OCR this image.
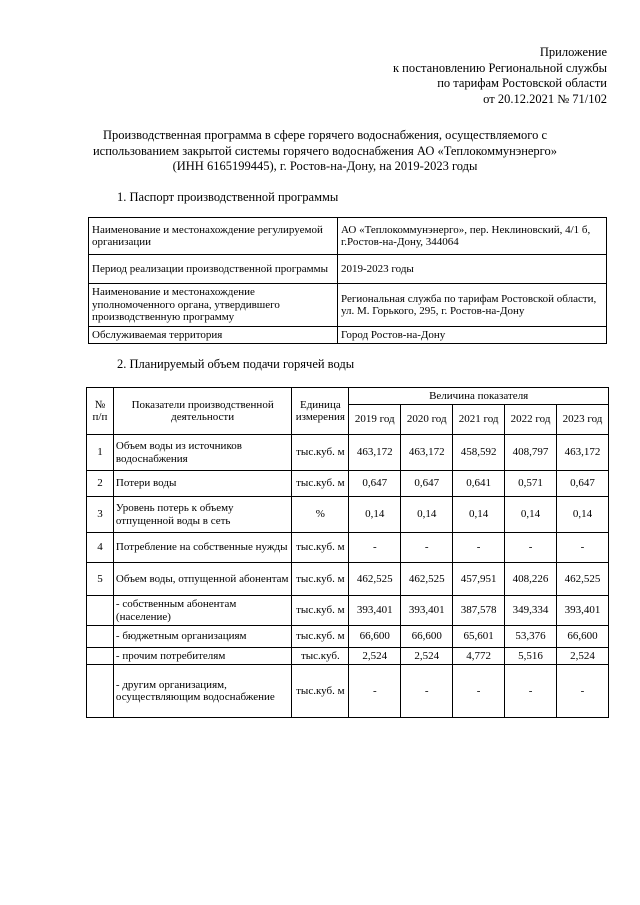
Приложение
к постановлению Региональной службы
по тарифам Ростовской области
от 20.12.2021 № 71/102
Производственная программа в сфере горячего водоснабжения, осуществляемого с
использованием закрытой системы горячего водоснабжения АО «Теплокоммунэнерго»
(ИНН 6165199445), г. Ростов-на-Дону, на 2019-2023 годы
1. Паспорт производственной программы
Наименование и местонахождение регулируемой организации	АО «Теплокоммунэнерго», пер. Неклиновский, 4/1 б, г.Ростов-на-Дону, 344064
Период реализации производственной программы	2019-2023 годы
Наименование и местонахождение уполномоченного органа, утвердившего производственную программу	Региональная служба по тарифам Ростовской области, ул. М. Горького, 295, г. Ростов-на-Дону
Обслуживаемая территория	Город Ростов-на-Дону
2. Планируемый объем подачи горячей воды
№ п/п	Показатели производственной деятельности	Единица измерения	Величина показателя				
			2019 год	2020 год	2021 год	2022 год	2023 год
1	Объем воды из источников водоснабжения	тыс.куб. м	463,172	463,172	458,592	408,797	463,172
2	Потери воды	тыс.куб. м	0,647	0,647	0,641	0,571	0,647
3	Уровень потерь к объему отпущенной воды в сеть	%	0,14	0,14	0,14	0,14	0,14
4	Потребление на собственные нужды	тыс.куб. м	-	-	-	-	-
5	Объем воды, отпущенной абонентам	тыс.куб. м	462,525	462,525	457,951	408,226	462,525
	- собственным абонентам (население)	тыс.куб. м	393,401	393,401	387,578	349,334	393,401
	- бюджетным организациям	тыс.куб. м	66,600	66,600	65,601	53,376	66,600
	- прочим потребителям	тыс.куб.	2,524	2,524	4,772	5,516	2,524
	- другим организациям, осуществляющим водоснабжение	тыс.куб. м	-	-	-	-	-
